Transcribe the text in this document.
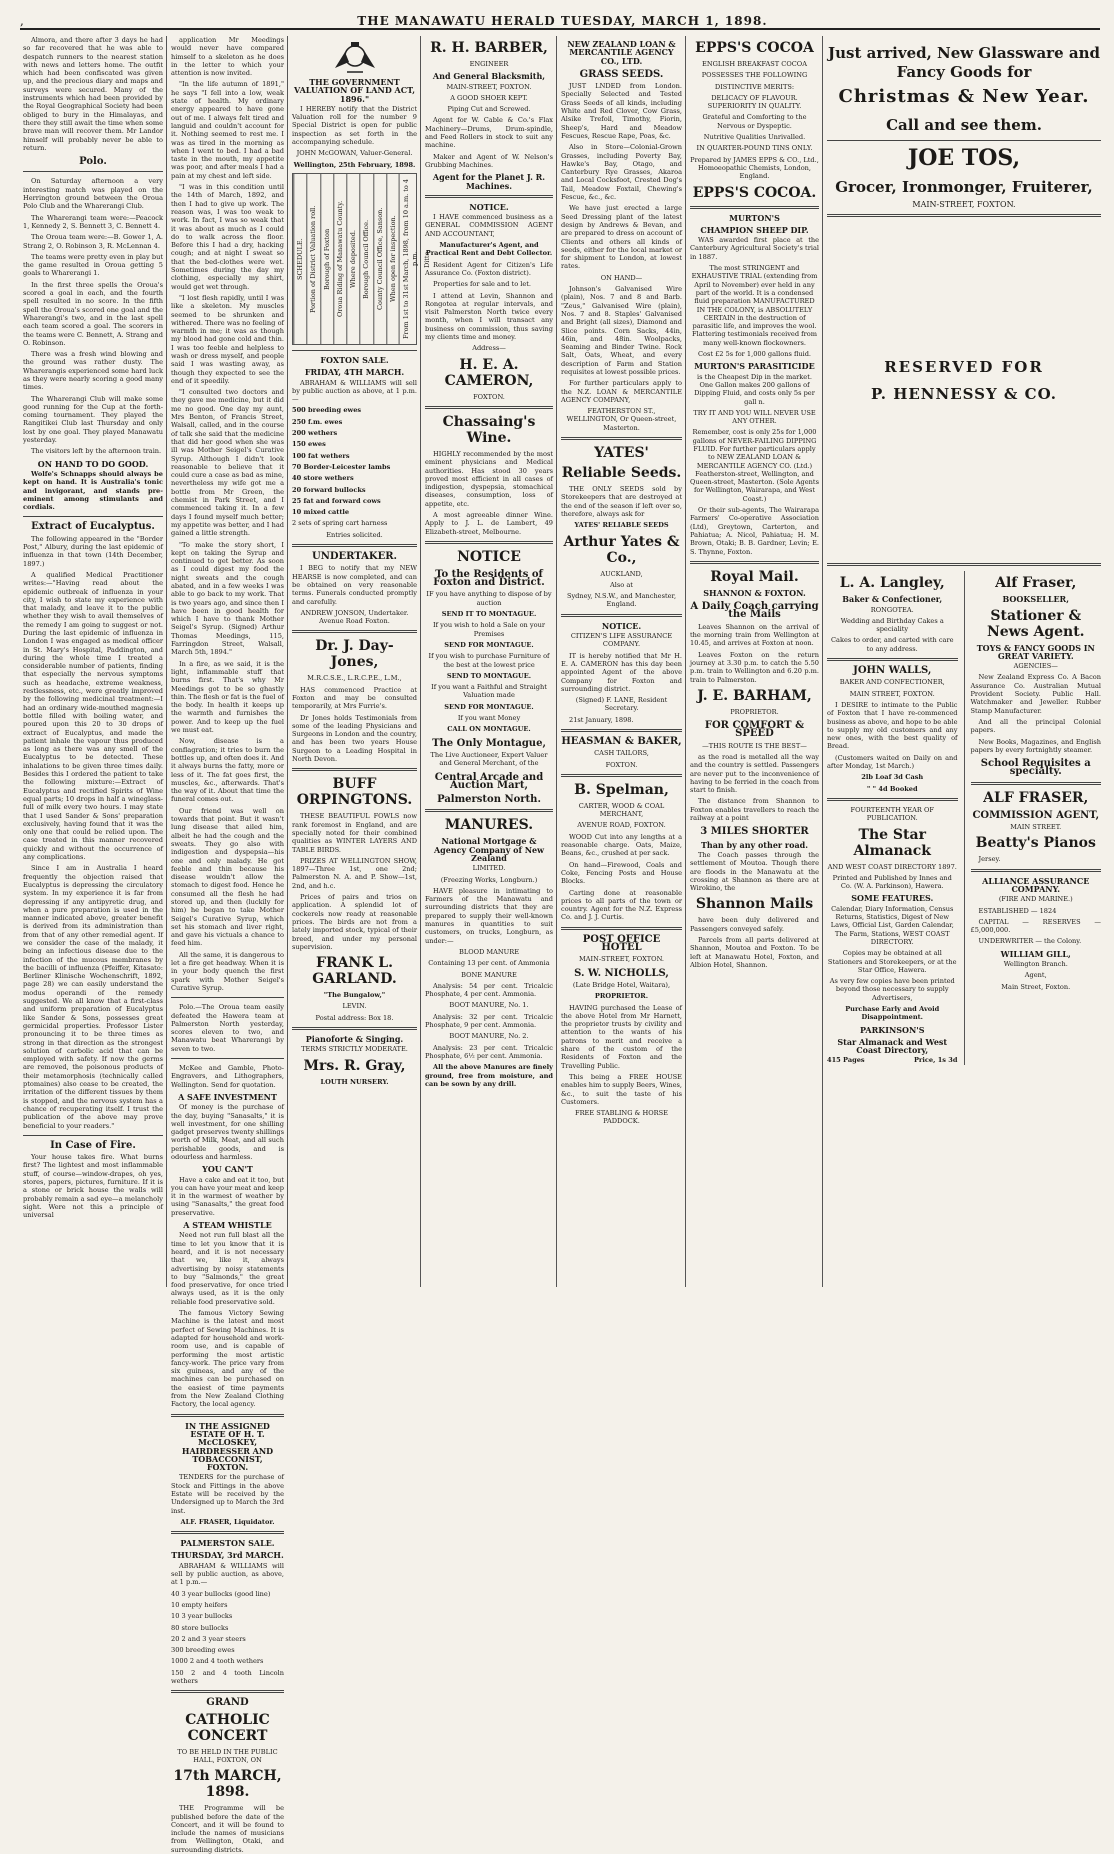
,	THE MANAWATU HERALD TUESDAY, MARCH 1, 1898.

Almora, and there after 3 days he had so far recovered that he was able to despatch runners to the nearest station with news and letters home. The outfit which had been confiscated was given up, and the precious diary and maps and surveys were secured. Many of the instruments which had been provided by the Royal Geographical Society had been obliged to bury in the Himalayas, and there they still await the time when some brave man will recover them. Mr Landor himself will probably never be able to return.

Polo.

On Saturday afternoon a very interesting match was played on the Herrington ground between the Oroua Polo Club and the Wharerangi Club.

The Wharerangi team were:—Peacock 1, Kennedy 2, S. Bennett 3, C. Bennett 4.

The Oroua team were:—B. Gower 1, A. Strang 2, O. Robinson 3, R. McLennan 4.

The teams were pretty even in play but the game resulted in Oroua getting 5 goals to Wharerangi 1.

In the first three spells the Oroua's scored a goal in each, and the fourth spell resulted in no score. In the fifth spell the Oroua's scored one goal and the Wharerangi's two, and in the last spell each team scored a goal. The scorers in the teams were C. Bennett, A. Strang and O. Robinson.

There was a fresh wind blowing and the ground was rather dusty. The Wharerangis experienced some hard luck as they were nearly scoring a good many times.

The Wharerangi Club will make some good running for the Cup at the forth-coming tournament. They played the Rangitikei Club last Thursday and only lost by one goal. They played Manawatu yesterday.

The visitors left by the afternoon train.

ON HAND TO DO GOOD.

Wolfe's Schnapps should always be kept on hand. It is Australia's tonic and invigorant, and stands pre-eminent among stimulants and cordials.

Extract of Eucalyptus.

The following appeared in the "Border Post," Albury, during the last epidemic of influenza in that town (14th December, 1897.)

A qualified Medical Practitioner writes:—"Having read about the epidemic outbreak of influenza in your city, I wish to state my experience with that malady, and leave it to the public whether they wish to avail themselves of the remedy I am going to suggest or not. During the last epidemic of influenza in London I was engaged as medical officer in St. Mary's Hospital, Paddington, and during the whole time I treated a considerable number of patients, finding that especially the nervous symptoms such as headache, extreme weakness, restlessness, etc., were greatly improved by the following medicinal treatment:—I had an ordinary wide-mouthed magnesia bottle filled with boiling water, and poured upon this 20 to 30 drops of extract of Eucalyptus, and made the patient inhale the vapour thus produced as long as there was any smell of the Eucalyptus to be detected. These inhalations to be given three times daily. Besides this I ordered the patient to take the following mixture:—Extract of Eucalyptus and rectified Spirits of Wine equal parts; 10 drops in half a wineglass-full of milk every two hours. I may state that I used Sander & Sons' preparation exclusively, having found that it was the only one that could be relied upon. The case treated in this manner recovered quickly and without the occurrence of any complications.

Since I am in Australia I heard frequently the objection raised that Eucalyptus is depressing the circulatory system. In my experience it is far from depressing if any antipyretic drug, and when a pure preparation is used in the manner indicated above, greater benefit is derived from its administration than from that of any other remedial agent. If we consider the case of the malady, it being an infectious disease due to the infection of the mucous membranes by the bacilli of influenza (Pfeiffer, Kitasato: Berliner Klinische Wochenschrift, 1892, page 28) we can easily understand the modus operandi of the remedy suggested. We all know that a first-class and uniform preparation of Eucalyptus like Sander & Sons, possesses great germicidal properties. Professor Lister pronouncing it to be three times as strong in that direction as the strongest solution of carbolic acid that can be employed with safety. If now the germs are removed, the poisonous products of their metamorphosis (technically called ptomaines) also cease to be created, the irritation of the different tissues by them is stopped, and the nervous system has a chance of recuperating itself. I trust the publication of the above may prove beneficial to your readers."

In Case of Fire.

Your house takes fire. What burns first? The lightest and most inflammable stuff, of course—window-drapes, oh yes, stores, papers, pictures, furniture. If it is a stone or brick house the walls will probably remain a sad eye—a melancholy sight. Were not this a principle of universal

application Mr Meedings would never have compared himself to a skeleton as he does in the letter to which your attention is now invited.

"In the life autumn of 1891," he says "I fell into a low, weak state of health. My ordinary energy appeared to have gone out of me. I always felt tired and languid and couldn't account for it. Nothing seemed to rest me. I was as tired in the morning as when I went to bed. I had a bad taste in the mouth, my appetite was poor, and after meals I had a pain at my chest and left side.

"I was in this condition until the 14th of March, 1892, and then I had to give up work. The reason was, I was too weak to work. In fact, I was so weak that it was about as much as I could do to walk across the floor. Before this I had a dry, hacking cough; and at night I sweat so that the bed-clothes were wet. Sometimes during the day my clothing, especially my shirt, would get wet through.

"I lost flesh rapidly, until I was like a skeleton. My muscles seemed to be shrunken and withered. There was no feeling of warmth in me; it was as though my blood had gone cold and thin. I was too feeble and helpless to wash or dress myself, and people said I was wasting away, as though they expected to see the end of it speedily.

"I consulted two doctors and they gave me medicine, but it did me no good. One day my aunt, Mrs Benton, of Francis Street, Walsall, called, and in the course of talk she said that the medicine that did her good when she was ill was Mother Seigel's Curative Syrup. Although I didn't look reasonable to believe that it could cure a case as bad as mine, nevertheless my wife got me a bottle from Mr Green, the chemist in Park Street, and I commenced taking it. In a few days I found myself much better; my appetite was better, and I had gained a little strength.

"To make the story short, I kept on taking the Syrup and continued to get better. As soon as I could digest my food the night sweats and the cough abated, and in a few weeks I was able to go back to my work. That is two years ago, and since then I have been in good health for which I have to thank Mother Seigel's Syrup. (Signed) Arthur Thomas Meedings, 115, Farringdon Street, Walsall, March 5th, 1894."

In a fire, as we said, it is the light, inflammable stuff that burns first. That's why Mr Meedings got to be so ghastly thin. The flesh or fat is the fuel of the body. In health it keeps up the warmth and furnishes the power. And to keep up the fuel we must eat.

Now, disease is a conflagration; it tries to burn the bottles up, and often does it. And it always burns the fatty, more or less of it. The fat goes first, the muscles, &c., afterwards. That's the way of it. About that time the funeral comes out.

Our friend was well on towards that point. But it wasn't lung disease that ailed him, albeit he had the cough and the sweats. They go also with indigestion and dyspepsia—his one and only malady. He got feeble and thin because his disease wouldn't allow the stomach to digest food. Hence he consumed all the flesh he had stored up, and then (luckily for him) he began to take Mother Seigel's Curative Syrup, which set his stomach and liver right, and gave his victuals a chance to feed him.

All the same, it is dangerous to let a fire get headway. When it is in your body quench the first spark with Mother Seigel's Curative Syrup.

Polo.—The Oroua team easily defeated the Hawera team at Palmerston North yesterday, scores eleven to two, and Manawatu beat Wharerangi by seven to two.

McKee and Gamble, Photo-Engravers, and Lithographers, Wellington. Send for quotation.

A SAFE INVESTMENT

Of money is the purchase of the day, buying "Sanasalts," it is well investment, for one shilling gadget preserves twenty shillings worth of Milk, Meat, and all such perishable goods, and is odourless and harmless.

YOU CAN'T

Have a cake and eat it too, but you can have your meat and keep it in the warmest of weather by using "Sanasalts," the great food preservative.

A STEAM WHISTLE

Need not run full blast all the time to let you know that it is heard, and it is not necessary that we, like it, always advertising by noisy statements to buy "Salmonds," the great food preservative, for once tried always used, as it is the only reliable food preservative sold.

The famous Victory Sewing Machine is the latest and most perfect of Sewing Machines. It is adapted for household and work-room use, and is capable of performing the most artistic fancy-work. The price vary from six guineas, and any of the machines can be purchased on the easiest of time payments from the New Zealand Clothing Factory, the local agency.

IN THE ASSIGNED ESTATE OF H. T. McCLOSKEY, HAIRDRESSER AND TOBACCONIST, FOXTON.

TENDERS for the purchase of Stock and Fittings in the above Estate will be received by the Undersigned up to March the 3rd inst.

ALF. FRASER, Liquidator.

PALMERSTON SALE.
THURSDAY, 3rd MARCH.

ABRAHAM & WILLIAMS will sell by public auction, as above, at 1 p.m.—

40 3 year bullocks (good line)

10 empty heifers

10 3 year bullocks

80 store bullocks

20 2 and 3 year steers

300 breeding ewes

1000 2 and 4 tooth wethers

150 2 and 4 tooth Lincoln wethers

GRAND
CATHOLIC CONCERT

TO BE HELD IN THE PUBLIC HALL, FOXTON, ON

17th MARCH, 1898.

THE Programme will be published before the date of the Concert, and it will be found to include the names of musicians from Wellington, Otaki, and surrounding districts.

THE GOVERNMENT VALUATION OF LAND ACT, 1896."

I HEREBY notify that the District Valuation roll for the number 9 Special District is open for public inspection as set forth in the accompanying schedule.

JOHN McGOWAN, Valuer-General.

Wellington, 25th February, 1898.

SCHEDULE. Portion of District Valuation roll. Borough of Foxton Oroua Riding of Manawatu County. Where deposited. Borough Council Office. County Council Office, Sanson. When open for inspection. From 1st to 31st March, 1898, from 10 a.m. to 4 p.m. Ditto.
FOXTON SALE.
FRIDAY, 4TH MARCH.

ABRAHAM & WILLIAMS will sell by public auction as above, at 1 p.m.—

500 breeding ewes

250 f.m. ewes

200 wethers

150 ewes

100 fat wethers

70 Border-Leicester lambs

40 store wethers

20 forward bullocks

25 fat and forward cows

10 mixed cattle

2 sets of spring cart harness

Entries solicited.

UNDERTAKER.

I BEG to notify that my NEW HEARSE is now completed, and can be obtained on very reasonable terms. Funerals conducted promptly and carefully.

ANDREW JONSON, Undertaker. Avenue Road Foxton.

Dr. J. Day-Jones,

M.R.C.S.E., L.R.C.P.E., L.M.,

HAS commenced Practice at Foxton and may be consulted temporarily, at Mrs Furrie's.

Dr Jones holds Testimonials from some of the leading Physicians and Surgeons in London and the country, and has been two years House Surgeon to a Leading Hospital in North Devon.

BUFF ORPINGTONS.

THESE BEAUTIFUL FOWLS now rank foremost in England, and are specially noted for their combined qualities as WINTER LAYERS AND TABLE BIRDS.

PRIZES AT WELLINGTON SHOW, 1897—Three 1st, one 2nd; Palmerston N. A. and P. Show—1st, 2nd, and h.c.

Prices of pairs and trios on application. A splendid lot of cockerels now ready at reasonable prices. The birds are not from a lately imported stock, typical of their breed, and under my personal supervision.

FRANK L. GARLAND.

"The Bungalow,"

LEVIN.

Postal address: Box 18.

Pianoforte & Singing.

TERMS STRICTLY MODERATE.

Mrs. R. Gray,

LOUTH NURSERY.

R. H. BARBER,

ENGINEER

And General Blacksmith,

MAIN-STREET, FOXTON.

A GOOD SHOER KEPT.

Piping Cut and Screwed.

Agent for W. Cable & Co.'s Flax Machinery—Drums, Drum-spindle, and Feed Rollers in stock to suit any machine.

Maker and Agent of W. Nelson's Grubbing Machines.

Agent for the Planet J. R. Machines.
NOTICE.

I HAVE commenced business as a GENERAL COMMISSION AGENT AND ACCOUNTANT,

Manufacturer's Agent, and Practical Rent and Debt Collector.

Resident Agent for Citizen's Life Assurance Co. (Foxton district).

Properties for sale and to let.

I attend at Levin, Shannon and Rongotea at regular intervals, and visit Palmerston North twice every month, when I will transact any business on commission, thus saving my clients time and money.

Address—

H. E. A. CAMERON,

FOXTON.

Chassaing's Wine.

HIGHLY recommended by the most eminent physicians and Medical authorities. Has stood 30 years proved most efficient in all cases of indigestion, dyspepsia, stomachical diseases, consumption, loss of appetite, etc.

A most agreeable dinner Wine. Apply to J. L. de Lambert, 49 Elizabeth-street, Melbourne.

NOTICE
To the Residents of Foxton and District.

IF you have anything to dispose of by auction

SEND IT TO MONTAGUE.

If you wish to hold a Sale on your Premises

SEND FOR MONTAGUE.

If you wish to purchase Furniture of the best at the lowest price

SEND TO MONTAGUE.

If you want a Faithful and Straight Valuation made

SEND FOR MONTAGUE.

If you want Money

CALL ON MONTAGUE.

The Only Montague,

The Live Auctioneer, Expert Valuer and General Merchant, of the

Central Arcade and Auction Mart,
Palmerston North.
MANURES.
National Mortgage & Agency Company of New Zealand

LIMITED.

(Freezing Works, Longburn.)

HAVE pleasure in intimating to Farmers of the Manawatu and surrounding districts that they are prepared to supply their well-known manures in quantities to suit customers, on trucks, Longburn, as under:—

BLOOD MANURE

Containing 13 per cent. of Ammonia

BONE MANURE

Analysis: 54 per cent. Tricalcic Phosphate, 4 per cent. Ammonia.

BOOT MANURE, No. 1.

Analysis: 32 per cent. Tricalcic Phosphate, 9 per cent. Ammonia.

BOOT MANURE, No. 2.

Analysis: 23 per cent. Tricalcic Phosphate, 6½ per cent. Ammonia.

All the above Manures are finely ground, free from moisture, and can be sown by any drill.

NEW ZEALAND LOAN & MERCANTILE AGENCY CO., LTD.
GRASS SEEDS.

JUST LNDED from London. Specially Selected and Tested Grass Seeds of all kinds, including White and Red Clover, Cow Grass, Alsike Trefoil, Timothy, Fiorin, Sheep's, Hard and Meadow Fescues, Rescue Rape, Poas, &c.

Also in Store—Colonial-Grown Grasses, including Poverty Bay, Hawke's Bay, Otago, and Canterbury Rye Grasses, Akaroa and Local Cocksfoot, Crested Dog's Tail, Meadow Foxtail, Chewing's Fescue, &c., &c.

We have just erected a large Seed Dressing plant of the latest design by Andrews & Bevan, and are prepared to dress on account of Clients and others all kinds of seeds, either for the local market or for shipment to London, at lowest rates.

ON HAND—

Johnson's Galvanised Wire (plain), Nos. 7 and 8 and Barb. "Zeus," Galvanised Wire (plain), Nos. 7 and 8. Staples' Galvanised and Bright (all sizes), Diamond and Slice points. Corn Sacks, 44in, 46in, and 48in. Woolpacks, Seaming and Binder Twine. Rock Salt, Oats, Wheat, and every description of Farm and Station requisites at lowest possible prices.

For further particulars apply to the N.Z. LOAN & MERCANTILE AGENCY COMPANY,

FEATHERSTON ST., WELLINGTON, Or Queen-street, Masterton.

YATES'
Reliable Seeds.

THE ONLY SEEDS sold by Storekeepers that are destroyed at the end of the season if left over so, therefore, always ask for

YATES' RELIABLE SEEDS

Arthur Yates & Co.,

AUCKLAND,

Also at

Sydney, N.S.W., and Manchester, England.

NOTICE.

CITIZEN'S LIFE ASSURANCE COMPANY.

IT is hereby notified that Mr H. E. A. CAMERON has this day been appointed Agent of the above Company for Foxton and surrounding district.

(Signed) F. LANE, Resident Secretary.

21st January, 1898.

HEASMAN & BAKER,

CASH TAILORS,

FOXTON.

B. Spelman,

CARTER, WOOD & COAL MERCHANT,

AVENUE ROAD, FOXTON.

WOOD Cut into any lengths at a reasonable charge. Oats, Maize, Beans, &c., crushed at per sack.

On hand—Firewood, Coals and Coke, Fencing Posts and House Blocks.

Carting done at reasonable prices to all parts of the town or country. Agent for the N.Z. Express Co. and J. J. Curtis.

POST OFFICE HOTEL

MAIN-STREET, FOXTON.

S. W. NICHOLLS,

(Late Bridge Hotel, Waitara),

PROPRIETOR.

HAVING purchased the Lease of the above Hotel from Mr Harnett, the proprietor trusts by civility and attention to the wants of his patrons to merit and receive a share of the custom of the Residents of Foxton and the Travelling Public.

This being a FREE HOUSE enables him to supply Beers, Wines, &c., to suit the taste of his Customers.

FREE STABLING & HORSE PADDOCK.

EPPS'S COCOA

ENGLISH BREAKFAST COCOA

POSSESSES THE FOLLOWING

DISTINCTIVE MERITS:

DELICACY OF FLAVOUR. SUPERIORITY IN QUALITY.

Grateful and Comforting to the Nervous or Dyspeptic.

Nutritive Qualities Unrivalled.

IN QUARTER-POUND TINS ONLY.

Prepared by JAMES EPPS & CO., Ltd., Homoeopathic Chemists, London, England.

EPPS'S COCOA.
MURTON'S
CHAMPION SHEEP DIP.

WAS awarded first place at the Canterbury Agricultural Society's trial in 1887.

The most STRINGENT and EXHAUSTIVE TRIAL (extending from April to November) ever held in any part of the world. It is a condensed fluid preparation MANUFACTURED IN THE COLONY, is ABSOLUTELY CERTAIN in the destruction of parasitic life, and improves the wool. Flattering testimonials received from many well-known flockowners.

Cost £2 5s for 1,000 gallons fluid.

MURTON'S PARASITICIDE

is the Cheapest Dip in the market. One Gallon makes 200 gallons of Dipping Fluid, and costs only 5s per gall n.

TRY IT AND YOU WILL NEVER USE ANY OTHER.

Remember, cost is only 25s for 1,000 gallons of NEVER-FAILING DIPPING FLUID. For further particulars apply to NEW ZEALAND LOAN & MERCANTILE AGENCY CO. (Ltd.) Featherston-street, Wellington, and Queen-street, Masterton. (Sole Agents for Wellington, Wairarapa, and West Coast.)

Or their sub-agents, The Wairarapa Farmers' Co-operative Association (Ltd), Greytown, Carterton, and Pahiatua; A. Nicol, Pahiatua; H. M. Brown, Otaki; B. B. Gardner, Levin; E. S. Thynne, Foxton.

Royal Mail.
SHANNON & FOXTON.
A Daily Coach carrying the Mails

Leaves Shannon on the arrival of the morning train from Wellington at 10.45, and arrives at Foxton at noon.

Leaves Foxton on the return journey at 3.30 p.m. to catch the 5.50 p.m. train to Wellington and 6.20 p.m. train to Palmerston.

J. E. BARHAM,

PROPRIETOR.

FOR COMFORT & SPEED

—THIS ROUTE IS THE BEST—

as the road is metalled all the way and the country is settled. Passengers are never put to the inconvenience of having to be ferried in the coach from start to finish.

The distance from Shannon to Foxton enables travellers to reach the railway at a point

3 MILES SHORTER
Than by any other road.

The Coach passes through the settlement of Moutoa. Though there are floods in the Manawatu at the crossing at Shannon as there are at Wirokino, the

Shannon Mails

have been duly delivered and Passengers conveyed safely.

Parcels from all parts delivered at Shannon, Moutoa and Foxton. To be left at Manawatu Hotel, Foxton, and Albion Hotel, Shannon.

Just arrived, New Glassware and Fancy Goods for
Christmas & New Year.
Call and see them.
JOE TOS,
Grocer, Ironmonger, Fruiterer,

MAIN-STREET, FOXTON.

RESERVED FOR
P. HENNESSY & CO.
L. A. Langley,
Baker & Confectioner,

RONGOTEA.

Wedding and Birthday Cakes a speciality

Cakes to order, and carted with care to any address.

JOHN WALLS,

BAKER AND CONFECTIONER,

MAIN STREET, FOXTON.

I DESIRE to intimate to the Public of Foxton that I have re-commenced business as above, and hope to be able to supply my old customers and any new ones, with the best quality of Bread.

(Customers waited on Daily on and after Monday, 1st March.)

2lb Loaf 3d Cash

" " 4d Booked

FOURTEENTH YEAR OF PUBLICATION.

The Star Almanack

AND WEST COAST DIRECTORY 1897.

Printed and Published by Innes and Co. (W. A. Parkinson), Hawera.

SOME FEATURES.

Calendar, Diary Information, Census Returns, Statistics, Digest of New Laws, Official List, Garden Calendar, The Farm, Stations, WEST COAST DIRECTORY.

Copies may be obtained at all Stationers and Storekeepers, or at the Star Office, Hawera.

As very few copies have been printed beyond those necessary to supply Advertisers,

Purchase Early and Avoid Disappointment.

PARKINSON'S
Star Almanack and West Coast Directory,
415 Pages	Price, 1s 3d
Alf Fraser,
BOOKSELLER,
Stationer & News Agent.
TOYS & FANCY GOODS IN GREAT VARIETY.

AGENCIES—

New Zealand Express Co. A Bacon Assurance Co. Australian Mutual Provident Society. Public Hall. Watchmaker and Jeweller. Rubber Stamp Manufacturer.

And all the principal Colonial papers.

New Books, Magazines, and English papers by every fortnightly steamer.

School Requisites a specialty.
ALF FRASER,
COMMISSION AGENT,

MAIN STREET.

Beatty's Pianos

Jersey.

ALLIANCE ASSURANCE COMPANY.

(FIRE AND MARINE.)

ESTABLISHED — 1824

CAPITAL — RESERVES — £5,000,000.

UNDERWRITER — the Colony.

WILLIAM GILL,

Wellington Branch.

Agent,

Main Street, Foxton.
